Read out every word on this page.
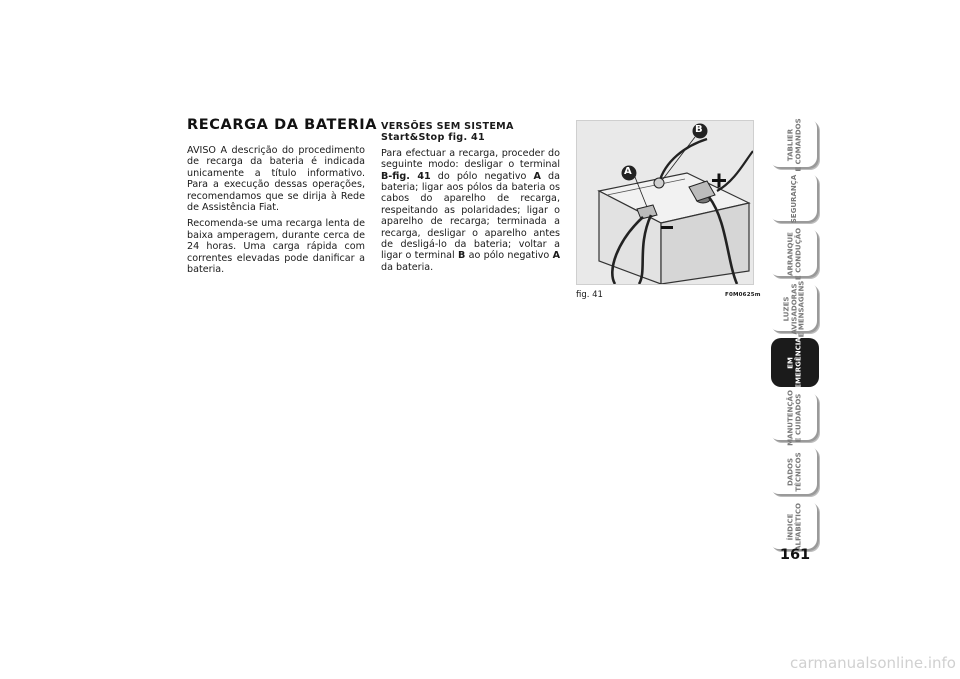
RECARGA DA BATERIA

AVISO A descrição do procedimento de recarga da bateria é indicada unicamente a título informativo. Para a execução dessas operações, recomendamos que se dirija à Rede de Assistência Fiat.

Recomenda-se uma recarga lenta de baixa amperagem, durante cerca de 24 horas. Uma carga rápida com correntes elevadas pode danificar a bateria.

VERSÕES SEM SISTEMA
Start&Stop fig. 41

Para efectuar a recarga, proceder do seguinte modo: desligar o terminal B-fig. 41 do pólo negativo A da bateria; ligar aos pólos da bateria os cabos do aparelho de recarga, respeitando as polaridades; ligar o aparelho de recarga; terminada a recarga, desligar o aparelho antes de desligá-lo da bateria; voltar a ligar o terminal B ao pólo negativo A da bateria.

A
B
fig. 41	F0M0625m
TABLIER
E COMANDOS
SEGURANÇA
ARRANQUE
E CONDUÇÃO
LUZES
AVISADORAS
E MENSAGENS
EM
EMERGÊNCIA
MANUTENÇÃO
E CUIDADOS
DADOS
TÉCNICOS
ÍNDICE
ALFABÉTICO
161
carmanualsonline.info
